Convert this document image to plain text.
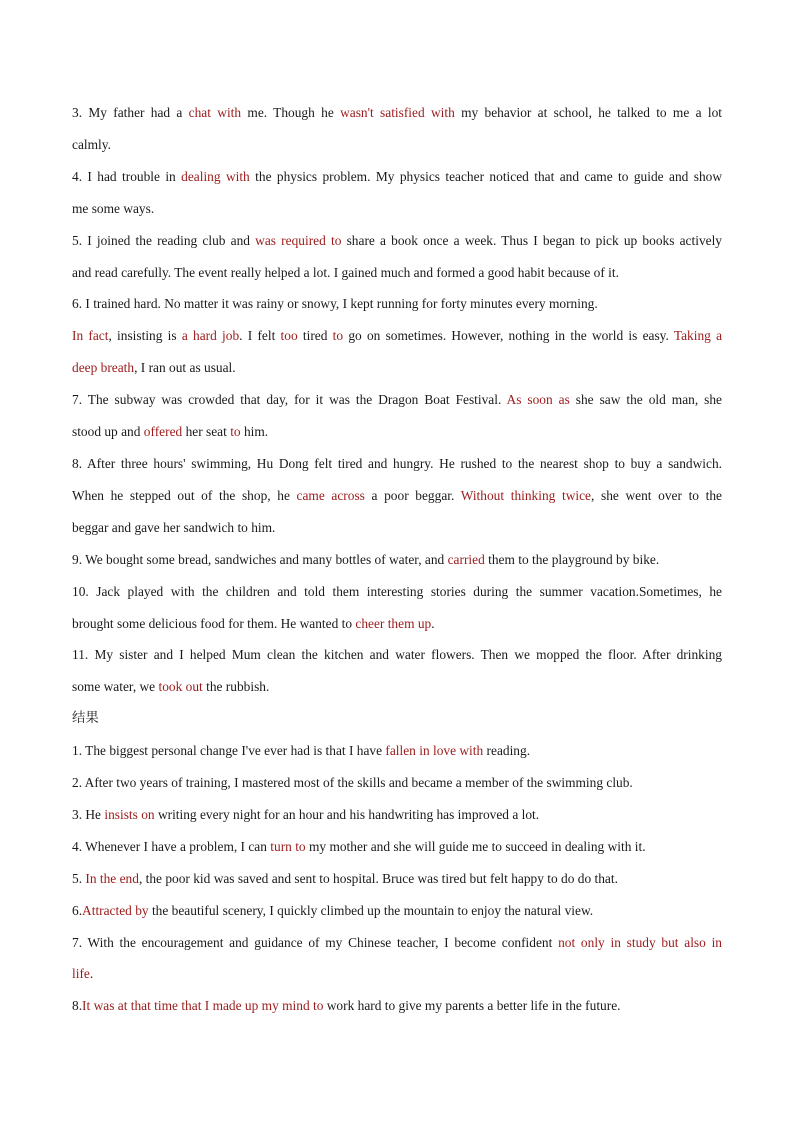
3. My father had a chat with me. Though he wasn't satisfied with my behavior at school, he talked to me a lot
calmly.
4. I had trouble in dealing with the physics problem. My physics teacher noticed that and came to guide and show
me some ways.
5. I joined the reading club and was required to share a book once a week. Thus I began to pick up books actively
and read carefully. The event really helped a lot. I gained much and formed a good habit because of it.
6. I trained hard. No matter it was rainy or snowy, I kept running for forty minutes every morning.
In fact, insisting is a hard job. I felt too tired to go on sometimes. However, nothing in the world is easy. Taking a
deep breath, I ran out as usual.
7. The subway was crowded that day, for it was the Dragon Boat Festival. As soon as she saw the old man, she
stood up and offered her seat to him.
8. After three hours' swimming, Hu Dong felt tired and hungry. He rushed to the nearest shop to buy a sandwich.
When he stepped out of the shop, he came across a poor beggar. Without thinking twice, she went over to the
beggar and gave her sandwich to him.
9. We bought some bread, sandwiches and many bottles of water, and carried them to the playground by bike.
10. Jack played with the children and told them interesting stories during the summer vacation.Sometimes, he
brought some delicious food for them. He wanted to cheer them up.
11. My sister and I helped Mum clean the kitchen and water flowers. Then we mopped the floor. After drinking
some water, we took out the rubbish.
结果
1. The biggest personal change I've ever had is that I have fallen in love with reading.
2. After two years of training, I mastered most of the skills and became a member of the swimming club.
3. He insists on writing every night for an hour and his handwriting has improved a lot.
4. Whenever I have a problem, I can turn to my mother and she will guide me to succeed in dealing with it.
5. In the end, the poor kid was saved and sent to hospital. Bruce was tired but felt happy to do do that.
6.Attracted by the beautiful scenery, I quickly climbed up the mountain to enjoy the natural view.
7. With the encouragement and guidance of my Chinese teacher, I become confident not only in study but also in
life.
8.It was at that time that I made up my mind to work hard to give my parents a better life in the future.
